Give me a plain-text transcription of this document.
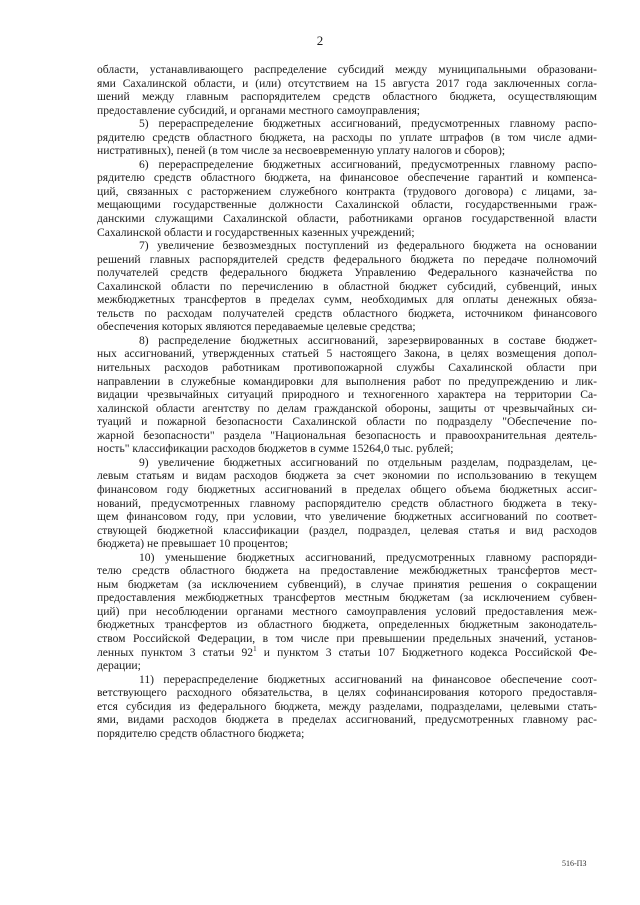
2
области, устанавливающего распределение субсидий между муниципальными образовани-
ями Сахалинской области, и (или) отсутствием на 15 августа 2017 года заключенных согла-
шений между главным распорядителем средств областного бюджета, осуществляющим
предоставление субсидий, и органами местного самоуправления;
5) перераспределение бюджетных ассигнований, предусмотренных главному распо-
рядителю средств областного бюджета, на расходы по уплате штрафов (в том числе адми-
нистративных), пеней (в том числе за несвоевременную уплату налогов и сборов);
6) перераспределение бюджетных ассигнований, предусмотренных главному распо-
рядителю средств областного бюджета, на финансовое обеспечение гарантий и компенса-
ций, связанных с расторжением служебного контракта (трудового договора) с лицами, за-
мещающими государственные должности Сахалинской области, государственными граж-
данскими служащими Сахалинской области, работниками органов государственной власти
Сахалинской области и государственных казенных учреждений;
7) увеличение безвозмездных поступлений из федерального бюджета на основании
решений главных распорядителей средств федерального бюджета по передаче полномочий
получателей средств федерального бюджета Управлению Федерального казначейства по
Сахалинской области по перечислению в областной бюджет субсидий, субвенций, иных
межбюджетных трансфертов в пределах сумм, необходимых для оплаты денежных обяза-
тельств по расходам получателей средств областного бюджета, источником финансового
обеспечения которых являются передаваемые целевые средства;
8) распределение бюджетных ассигнований, зарезервированных в составе бюджет-
ных ассигнований, утвержденных статьей 5 настоящего Закона, в целях возмещения допол-
нительных расходов работникам противопожарной службы Сахалинской области при
направлении в служебные командировки для выполнения работ по предупреждению и лик-
видации чрезвычайных ситуаций природного и техногенного характера на территории Са-
халинской области агентству по делам гражданской обороны, защиты от чрезвычайных си-
туаций и пожарной безопасности Сахалинской области по подразделу "Обеспечение по-
жарной безопасности" раздела "Национальная безопасность и правоохранительная деятель-
ность" классификации расходов бюджетов в сумме 15264,0 тыс. рублей;
9) увеличение бюджетных ассигнований по отдельным разделам, подразделам, це-
левым статьям и видам расходов бюджета за счет экономии по использованию в текущем
финансовом году бюджетных ассигнований в пределах общего объема бюджетных ассиг-
нований, предусмотренных главному распорядителю средств областного бюджета в теку-
щем финансовом году, при условии, что увеличение бюджетных ассигнований по соответ-
ствующей бюджетной классификации (раздел, подраздел, целевая статья и вид расходов
бюджета) не превышает 10 процентов;
10) уменьшение бюджетных ассигнований, предусмотренных главному распоряди-
телю средств областного бюджета на предоставление межбюджетных трансфертов мест-
ным бюджетам (за исключением субвенций), в случае принятия решения о сокращении
предоставления межбюджетных трансфертов местным бюджетам (за исключением субвен-
ций) при несоблюдении органами местного самоуправления условий предоставления меж-
бюджетных трансфертов из областного бюджета, определенных бюджетным законодатель-
ством Российской Федерации, в том числе при превышении предельных значений, установ-
ленных пунктом 3 статьи $92^1$ и пунктом 3 статьи 107 Бюджетного кодекса Российской Фе-
дерации;
11) перераспределение бюджетных ассигнований на финансовое обеспечение соот-
ветствующего расходного обязательства, в целях софинансирования которого предоставля-
ется субсидия из федерального бюджета, между разделами, подразделами, целевыми стать-
ями, видами расходов бюджета в пределах ассигнований, предусмотренных главному рас-
порядителю средств областного бюджета;
516-ПЗ
